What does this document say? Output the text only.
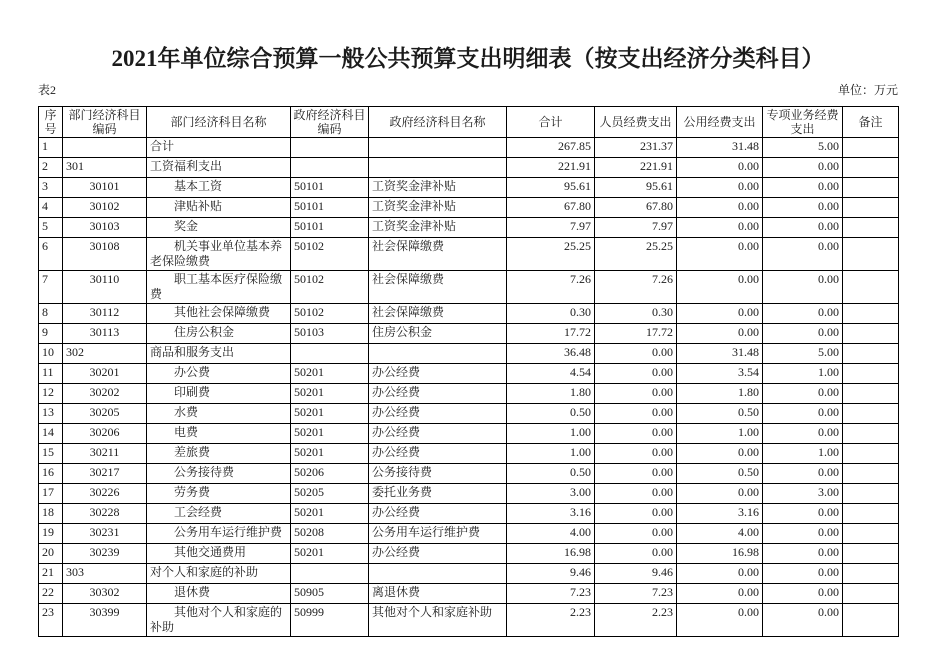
2021年单位综合预算一般公共预算支出明细表（按支出经济分类科目）
表2	单位：万元
序号	部门经济科目编码	部门经济科目名称	政府经济科目编码	政府经济科目名称	合计	人员经费支出	公用经费支出	专项业务经费支出	备注
1		合计			267.85	231.37	31.48	5.00	
2	301	工资福利支出			221.91	221.91	0.00	0.00	
3	30101	基本工资	50101	工资奖金津补贴	95.61	95.61	0.00	0.00	
4	30102	津贴补贴	50101	工资奖金津补贴	67.80	67.80	0.00	0.00	
5	30103	奖金	50101	工资奖金津补贴	7.97	7.97	0.00	0.00	
6	30108	机关事业单位基本养老保险缴费	50102	社会保障缴费	25.25	25.25	0.00	0.00	
7	30110	职工基本医疗保险缴费	50102	社会保障缴费	7.26	7.26	0.00	0.00	
8	30112	其他社会保障缴费	50102	社会保障缴费	0.30	0.30	0.00	0.00	
9	30113	住房公积金	50103	住房公积金	17.72	17.72	0.00	0.00	
10	302	商品和服务支出			36.48	0.00	31.48	5.00	
11	30201	办公费	50201	办公经费	4.54	0.00	3.54	1.00	
12	30202	印刷费	50201	办公经费	1.80	0.00	1.80	0.00	
13	30205	水费	50201	办公经费	0.50	0.00	0.50	0.00	
14	30206	电费	50201	办公经费	1.00	0.00	1.00	0.00	
15	30211	差旅费	50201	办公经费	1.00	0.00	0.00	1.00	
16	30217	公务接待费	50206	公务接待费	0.50	0.00	0.50	0.00	
17	30226	劳务费	50205	委托业务费	3.00	0.00	0.00	3.00	
18	30228	工会经费	50201	办公经费	3.16	0.00	3.16	0.00	
19	30231	公务用车运行维护费	50208	公务用车运行维护费	4.00	0.00	4.00	0.00	
20	30239	其他交通费用	50201	办公经费	16.98	0.00	16.98	0.00	
21	303	对个人和家庭的补助			9.46	9.46	0.00	0.00	
22	30302	退休费	50905	离退休费	7.23	7.23	0.00	0.00	
23	30399	其他对个人和家庭的补助	50999	其他对个人和家庭补助	2.23	2.23	0.00	0.00	
